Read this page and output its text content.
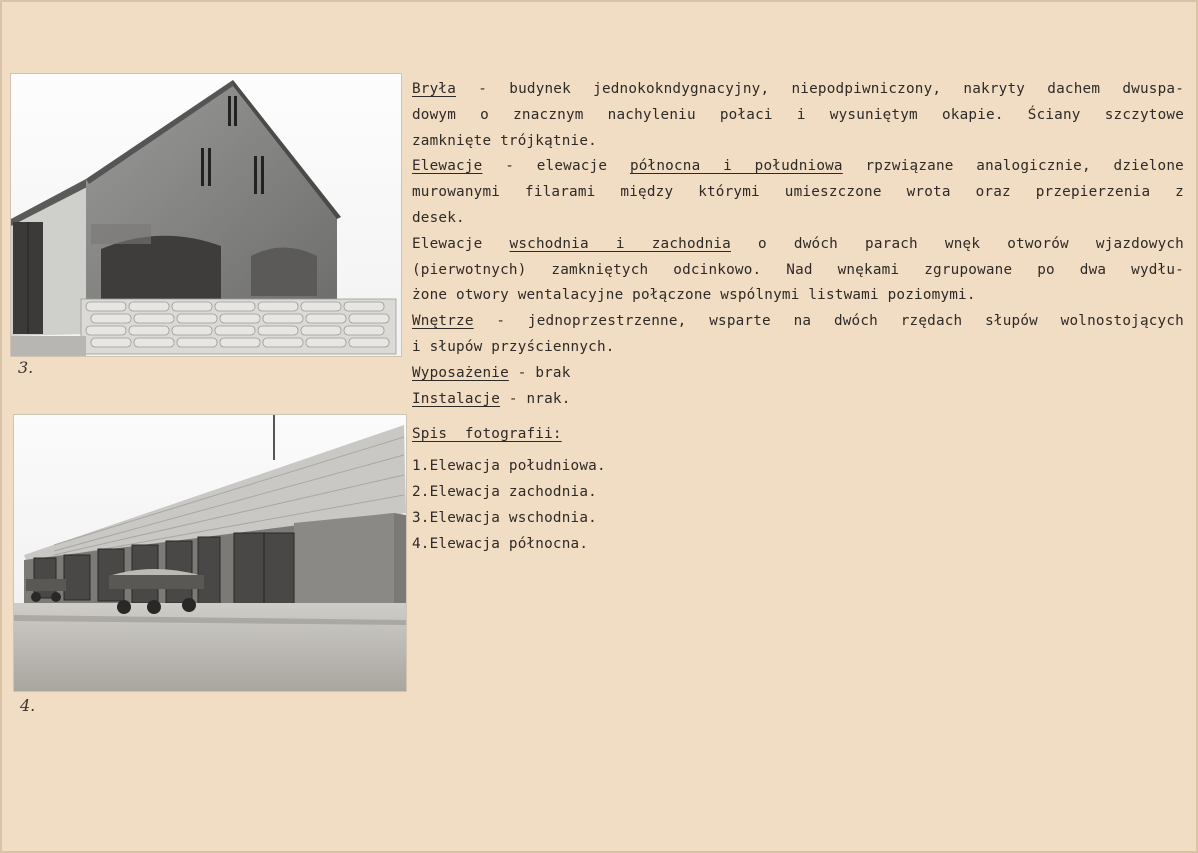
3.
4.
Bryła - budynek jednokokndygnacyjny, niepodpiwniczony, nakryty dachem dwuspa-
dowym o znacznym nachyleniu połaci i wysuniętym okapie. Ściany szczytowe
zamknięte trójkątnie.
Elewacje - elewacje północna i południowa rpzwiązane analogicznie, dzielone
murowanymi filarami między którymi umieszczone wrota oraz przepierzenia z
desek.
Elewacje wschodnia i zachodnia o dwóch parach wnęk otworów wjazdowych
(pierwotnych) zamkniętych odcinkowo. Nad wnękami zgrupowane po dwa wydłu-
żone otwory wentalacyjne połączone wspólnymi listwami poziomymi.
Wnętrze - jednoprzestrzenne, wsparte na dwóch rzędach słupów wolnostojących
i słupów przyściennych.
Wyposażenie - brak
Instalacje - nrak.
Spis  fotografii:
1.Elewacja południowa.
2.Elewacja zachodnia.
3.Elewacja wschodnia.
4.Elewacja północna.
